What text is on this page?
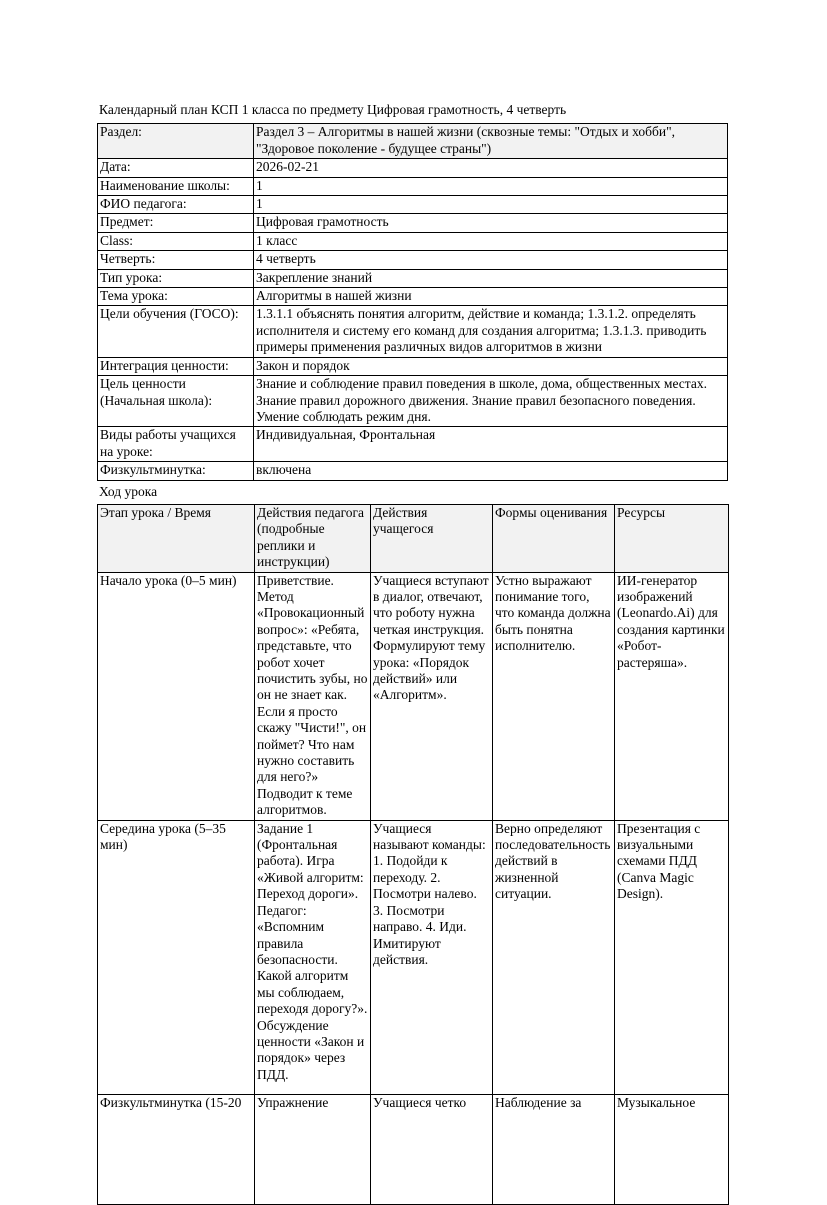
Календарный план КСП 1 класса по предмету Цифровая грамотность, 4 четверть
Раздел:	Раздел 3 – Алгоритмы в нашей жизни (сквозные темы: "Отдых и хобби", "Здоровое поколение - будущее страны")
Дата:	2026-02-21
Наименование школы:	1
ФИО педагога:	1
Предмет:	Цифровая грамотность
Class:	1 класс
Четверть:	4 четверть
Тип урока:	Закрепление знаний
Тема урока:	Алгоритмы в нашей жизни
Цели обучения (ГОСО):	1.3.1.1 объяснять понятия алгоритм, действие и команда; 1.3.1.2. определять исполнителя и систему его команд для создания алгоритма; 1.3.1.3. приводить примеры применения различных видов алгоритмов в жизни
Интеграция ценности:	Закон и порядок
Цель ценности (Начальная школа):	Знание и соблюдение правил поведения в школе, дома, общественных местах. Знание правил дорожного движения. Знание правил безопасного поведения. Умение соблюдать режим дня.
Виды работы учащихся на уроке:	Индивидуальная, Фронтальная
Физкультминутка:	включена
Ход урока
Этап урока / Время	Действия педагога (подробные реплики и инструкции)	Действия учащегося	Формы оценивания	Ресурсы
Начало урока (0–5 мин)	Приветствие. Метод «Провокационный вопрос»: «Ребята, представьте, что робот хочет почистить зубы, но он не знает как. Если я просто скажу "Чисти!", он поймет? Что нам нужно составить для него?» Подводит к теме алгоритмов.	Учащиеся вступают в диалог, отвечают, что роботу нужна четкая инструкция. Формулируют тему урока: «Порядок действий» или «Алгоритм».	Устно выражают понимание того, что команда должна быть понятна исполнителю.	ИИ-генератор изображений (Leonardo.Ai) для создания картинки «Робот-растеряша».
Середина урока (5–35 мин)	Задание 1 (Фронтальная работа). Игра «Живой алгоритм: Переход дороги». Педагог: «Вспомним правила безопасности. Какой алгоритм мы соблюдаем, переходя дорогу?». Обсуждение ценности «Закон и порядок» через ПДД.	Учащиеся называют команды: 1. Подойди к переходу. 2. Посмотри налево. 3. Посмотри направо. 4. Иди. Имитируют действия.	Верно определяют последовательность действий в жизненной ситуации.	Презентация с визуальными схемами ПДД (Canva Magic Design).
Физкультминутка (15-20	Упражнение	Учащиеся четко	Наблюдение за	Музыкальное
